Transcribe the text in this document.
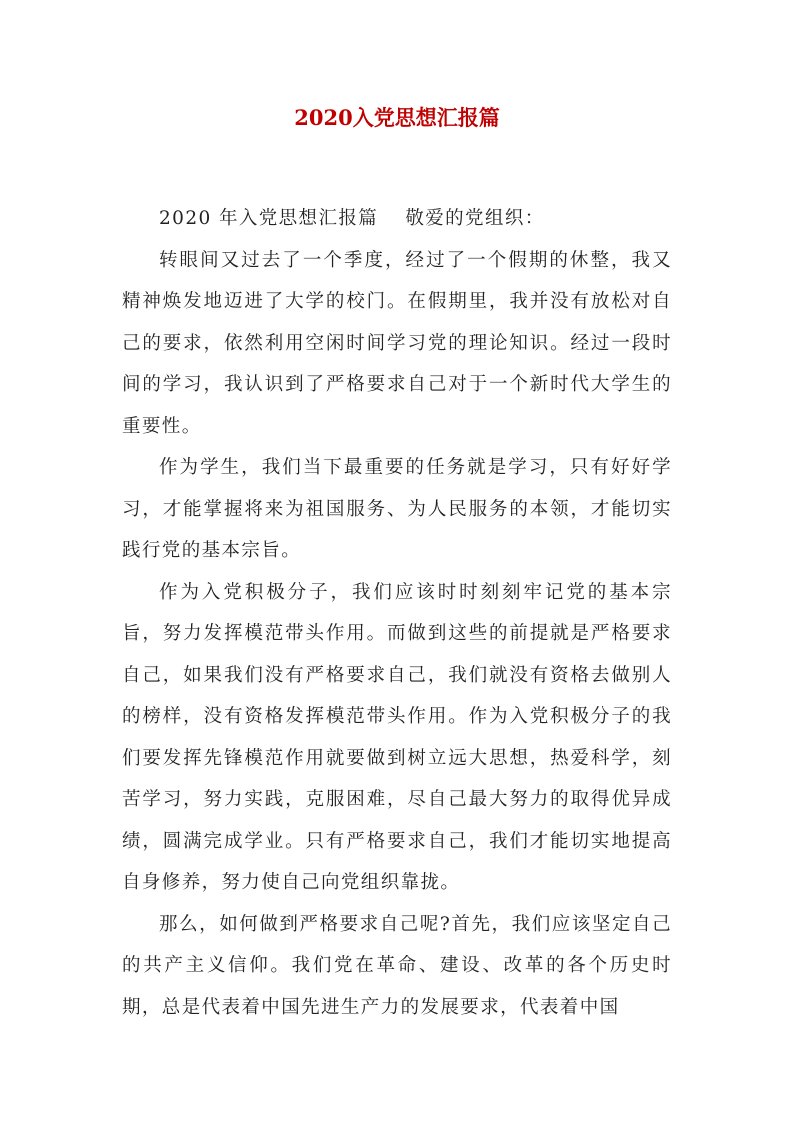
2020入党思想汇报篇

2020 年入党思想汇报篇　 敬爱的党组织：

转眼间又过去了一个季度，经过了一个假期的休整，我又精神焕发地迈进了大学的校门。在假期里，我并没有放松对自己的要求，依然利用空闲时间学习党的理论知识。经过一段时间的学习，我认识到了严格要求自己对于一个新时代大学生的重要性。

作为学生，我们当下最重要的任务就是学习，只有好好学习，才能掌握将来为祖国服务、为人民服务的本领，才能切实践行党的基本宗旨。

作为入党积极分子，我们应该时时刻刻牢记党的基本宗旨，努力发挥模范带头作用。而做到这些的前提就是严格要求自己，如果我们没有严格要求自己，我们就没有资格去做别人的榜样，没有资格发挥模范带头作用。作为入党积极分子的我们要发挥先锋模范作用就要做到树立远大思想，热爱科学，刻苦学习，努力实践，克服困难，尽自己最大努力的取得优异成绩，圆满完成学业。只有严格要求自己，我们才能切实地提高自身修养，努力使自己向党组织靠拢。

那么，如何做到严格要求自己呢?首先，我们应该坚定自己的共产主义信仰。我们党在革命、建设、改革的各个历史时期，总是代表着中国先进生产力的发展要求，代表着中国
